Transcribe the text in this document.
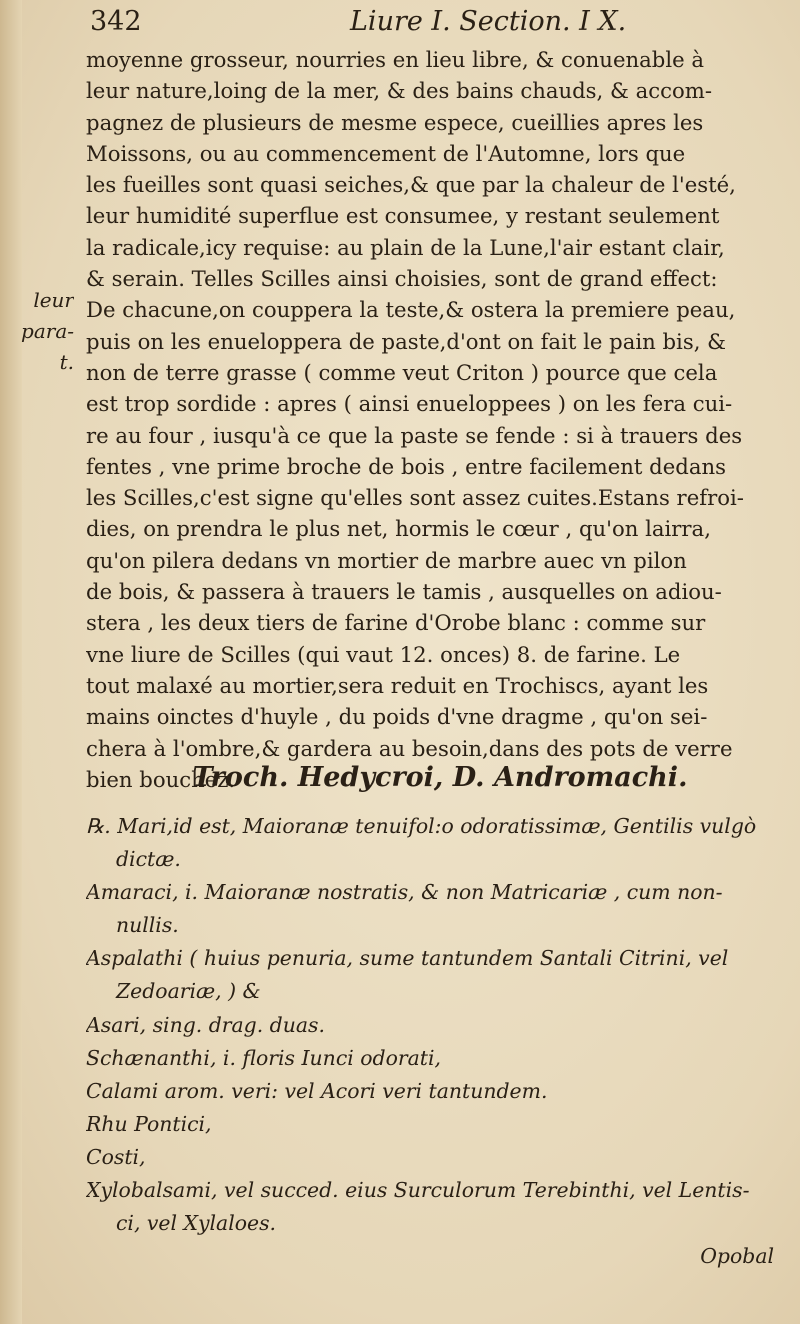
342	Liure I. Section. I X.
leur
para-
t.
moyenne grosseur, nourries en lieu libre, & conuenable à
leur nature,loing de la mer, & des bains chauds, & accom-
pagnez de plusieurs de mesme espece, cueillies apres les
Moissons, ou au commencement de l'Automne, lors que
les fueilles sont quasi seiches,& que par la chaleur de l'esté,
leur humidité superflue est consumee, y restant seulement
la radicale,icy requise: au plain de la Lune,l'air estant clair,
& serain. Telles Scilles ainsi choisies, sont de grand effect:
De chacune,on couppera la teste,& ostera la premiere peau,
puis on les enueloppera de paste,d'ont on fait le pain bis, &
non de terre grasse ( comme veut Criton ) pource que cela
est trop sordide : apres ( ainsi enueloppees ) on les fera cui-
re au four , iusqu'à ce que la paste se fende : si à trauers des
fentes , vne prime broche de bois , entre facilement dedans
les Scilles,c'est signe qu'elles sont assez cuites.Estans refroi-
dies, on prendra le plus net, hormis le cœur , qu'on lairra,
qu'on pilera dedans vn mortier de marbre auec vn pilon
de bois, & passera à trauers le tamis , ausquelles on adiou-
stera , les deux tiers de farine d'Orobe blanc : comme sur
vne liure de Scilles (qui vaut 12. onces) 8. de farine. Le
tout malaxé au mortier,sera reduit en Trochiscs, ayant les
mains oinctes d'huyle , du poids d'vne dragme , qu'on sei-
chera à l'ombre,& gardera au besoin,dans des pots de verre
bien bouchez.
Troch. Hedycroi, D. Andromachi.
℞. Mari,id est, Maioranæ tenuifol:o odoratissimæ, Gentilis vulgò
dictæ.
Amaraci, i. Maioranæ nostratis, & non Matricariæ , cum non-
nullis.
Aspalathi ( huius penuria, sume tantundem Santali Citrini, vel
Zedoariæ, ) &
Asari, sing. drag. duas.
Schænanthi, i. floris Iunci odorati,
Calami arom. veri: vel Acori veri tantundem.
Rhu Pontici,
Costi,
Xylobalsami, vel succed. eius Surculorum Terebinthi, vel Lentis-
ci, vel Xylaloes.
Opobal
